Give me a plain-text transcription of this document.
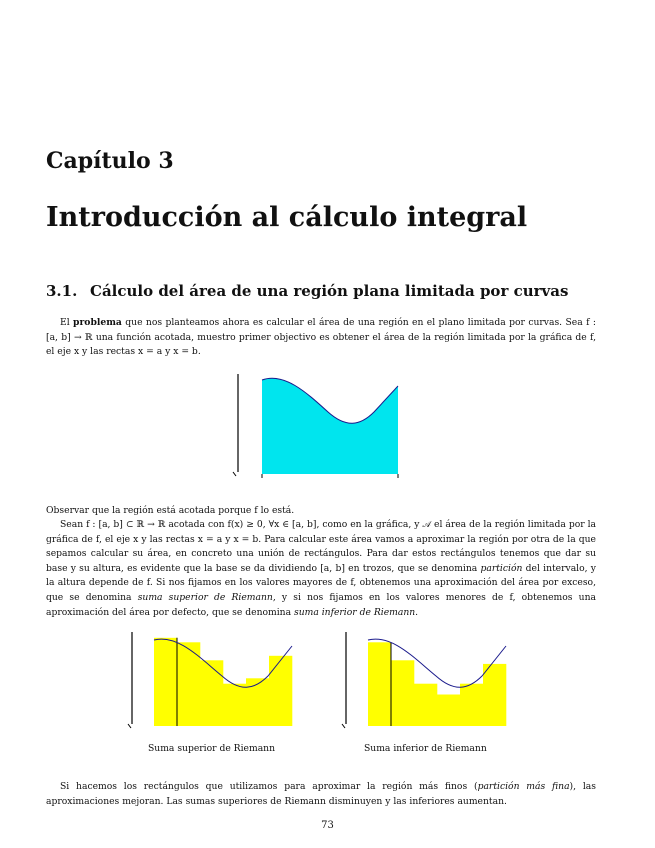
Capítulo 3
Introducción al cálculo integral
3.1. Cálculo del área de una región plana limitada por curvas

El problema que nos planteamos ahora es calcular el área de una región en el plano limitada por curvas. Sea f : [a, b] → ℝ una función acotada, muestro primer objectivo es obtener el área de la región limitada por la gráfica de f, el eje x y las rectas x = a y x = b.

Observar que la región está acotada porque f lo está.

Sean f : [a, b] ⊂ ℝ → ℝ acotada con f(x) ≥ 0, ∀x ∈ [a, b], como en la gráfica, y 𝒜 el área de la región limitada por la gráfica de f, el eje x y las rectas x = a y x = b. Para calcular este área vamos a aproximar la región por otra de la que sepamos calcular su área, en concreto una unión de rectángulos. Para dar estos rectángulos tenemos que dar su base y su altura, es evidente que la base se da dividiendo [a, b] en trozos, que se denomina partición del intervalo, y la altura depende de f. Si nos fijamos en los valores mayores de f, obtenemos una aproximación del área por exceso, que se denomina suma superior de Riemann, y si nos fijamos en los valores menores de f, obtenemos una aproximación del área por defecto, que se denomina suma inferior de Riemann.

Suma superior de Riemann	Suma inferior de Riemann

Si hacemos los rectángulos que utilizamos para aproximar la región más finos (partición más fina), las aproximaciones mejoran. Las sumas superiores de Riemann disminuyen y las inferiores aumentan.

73
